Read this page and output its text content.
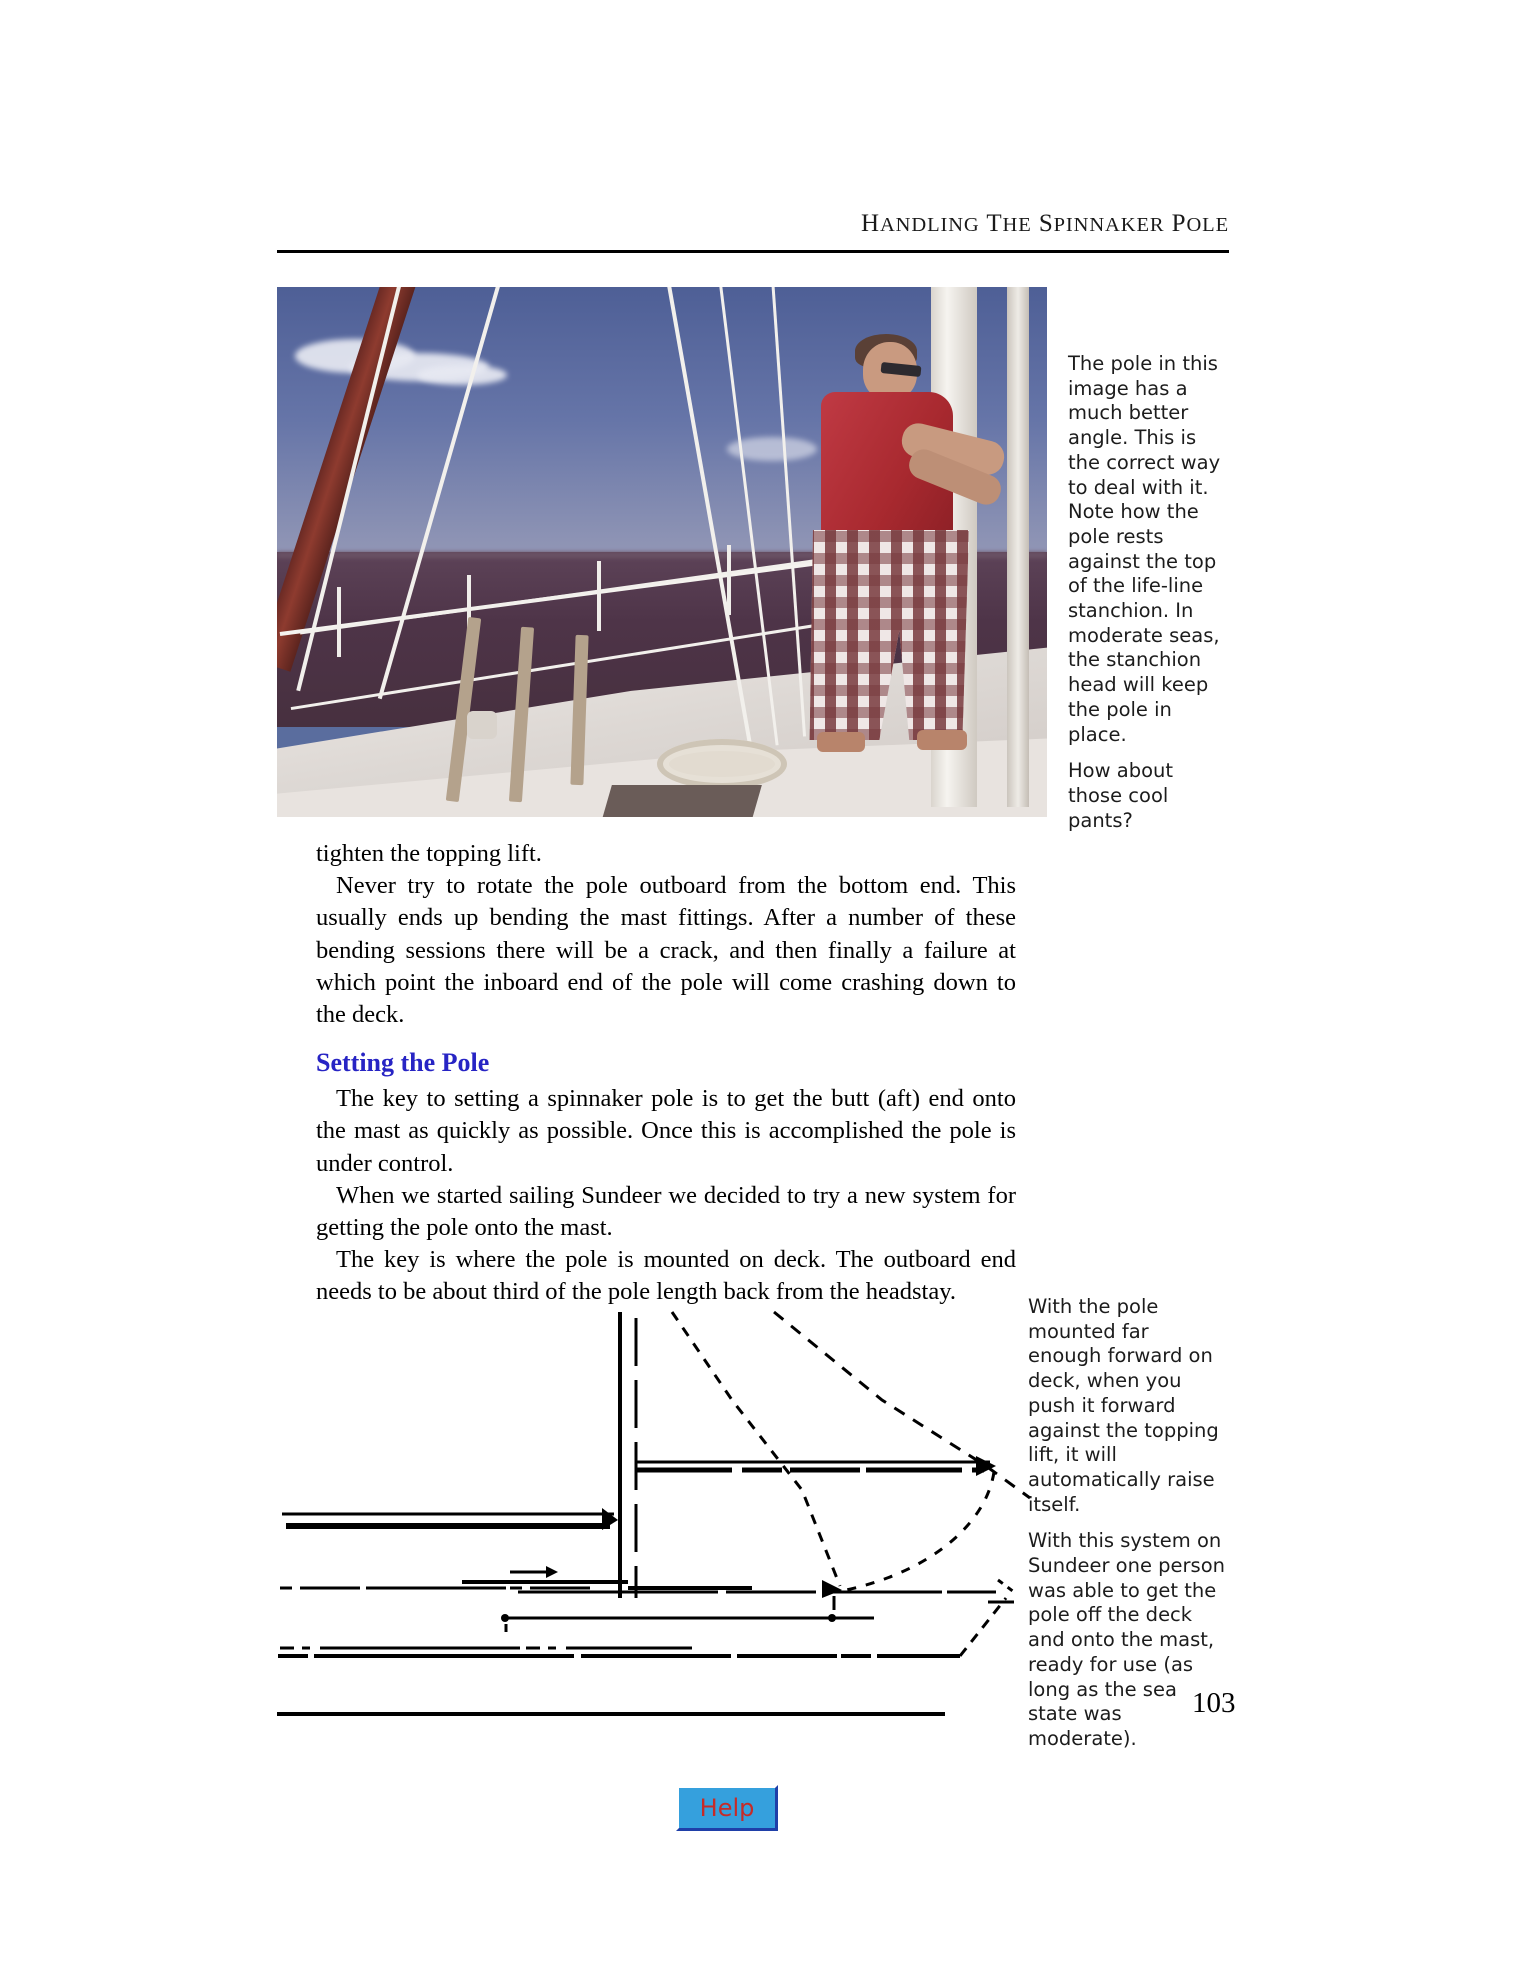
HANDLING THE SPINNAKER POLE

The pole in this image has a much better angle. This is the correct way to deal with it. Note how the pole rests against the top of the life-line stanchion. In moderate seas, the stanchion head will keep the pole in place.

How about those cool pants?

tighten the topping lift.

Never try to rotate the pole outboard from the bottom end. This usually ends up bending the mast fittings. After a number of these bending sessions there will be a crack, and then finally a failure at which point the inboard end of the pole will come crashing down to the deck.

Setting the Pole

The key to setting a spinnaker pole is to get the butt (aft) end onto the mast as quickly as possible. Once this is accomplished the pole is under control.

When we started sailing Sundeer we decided to try a new system for getting the pole onto the mast.

The key is where the pole is mounted on deck. The outboard end needs to be about third of the pole length back from the headstay.

With the pole mounted far enough forward on deck, when you push it forward against the topping lift, it will automatically raise itself.

With this system on Sundeer one person was able to get the pole off the deck and onto the mast, ready for use (as long as the sea state was moderate).

103
Help
